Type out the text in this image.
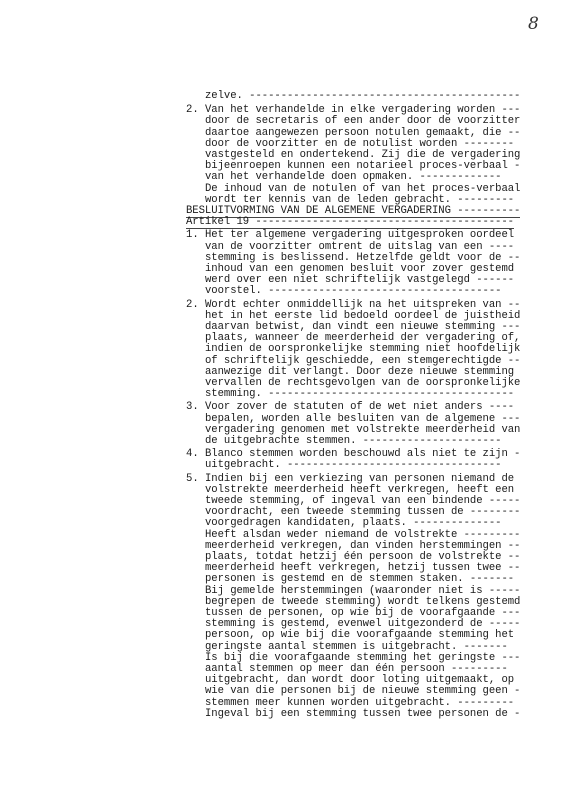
8
zelve. -------------------------------------------
2. Van het verhandelde in elke vergadering worden ---
door de secretaris of een ander door de voorzitter
daartoe aangewezen persoon notulen gemaakt, die --
door de voorzitter en de notulist worden --------
vastgesteld en ondertekend. Zij die de vergadering
bijeenroepen kunnen een notarieel proces-verbaal -
van het verhandelde doen opmaken. -------------
De inhoud van de notulen of van het proces-verbaal
wordt ter kennis van de leden gebracht. ---------
BESLUITVORMING VAN DE ALGEMENE VERGADERING ----------
Artikel 19 -----------------------------------------
1. Het ter algemene vergadering uitgesproken oordeel
van de voorzitter omtrent de uitslag van een ----
stemming is beslissend. Hetzelfde geldt voor de --
inhoud van een genomen besluit voor zover gestemd
werd over een niet schriftelijk vastgelegd ------
voorstel. -------------------------------------
2. Wordt echter onmiddellijk na het uitspreken van --
het in het eerste lid bedoeld oordeel de juistheid
daarvan betwist, dan vindt een nieuwe stemming ---
plaats, wanneer de meerderheid der vergadering of,
indien de oorspronkelijke stemming niet hoofdelijk
of schriftelijk geschiedde, een stemgerechtigde --
aanwezige dit verlangt. Door deze nieuwe stemming
vervallen de rechtsgevolgen van de oorspronkelijke
stemming. ---------------------------------------
3. Voor zover de statuten of de wet niet anders ----
bepalen, worden alle besluiten van de algemene ---
vergadering genomen met volstrekte meerderheid van
de uitgebrachte stemmen. ----------------------
4. Blanco stemmen worden beschouwd als niet te zijn -
uitgebracht. ----------------------------------
5. Indien bij een verkiezing van personen niemand de
volstrekte meerderheid heeft verkregen, heeft een
tweede stemming, of ingeval van een bindende -----
voordracht, een tweede stemming tussen de --------
voorgedragen kandidaten, plaats. --------------
Heeft alsdan weder niemand de volstrekte ---------
meerderheid verkregen, dan vinden herstemmingen --
plaats, totdat hetzij één persoon de volstrekte --
meerderheid heeft verkregen, hetzij tussen twee --
personen is gestemd en de stemmen staken. -------
Bij gemelde herstemmingen (waaronder niet is -----
begrepen de tweede stemming) wordt telkens gestemd
tussen de personen, op wie bij de voorafgaande ---
stemming is gestemd, evenwel uitgezonderd de -----
persoon, op wie bij die voorafgaande stemming het
geringste aantal stemmen is uitgebracht. -------
Is bij die voorafgaande stemming het geringste ---
aantal stemmen op meer dan één persoon ---------
uitgebracht, dan wordt door loting uitgemaakt, op
wie van die personen bij de nieuwe stemming geen -
stemmen meer kunnen worden uitgebracht. ---------
Ingeval bij een stemming tussen twee personen de -
